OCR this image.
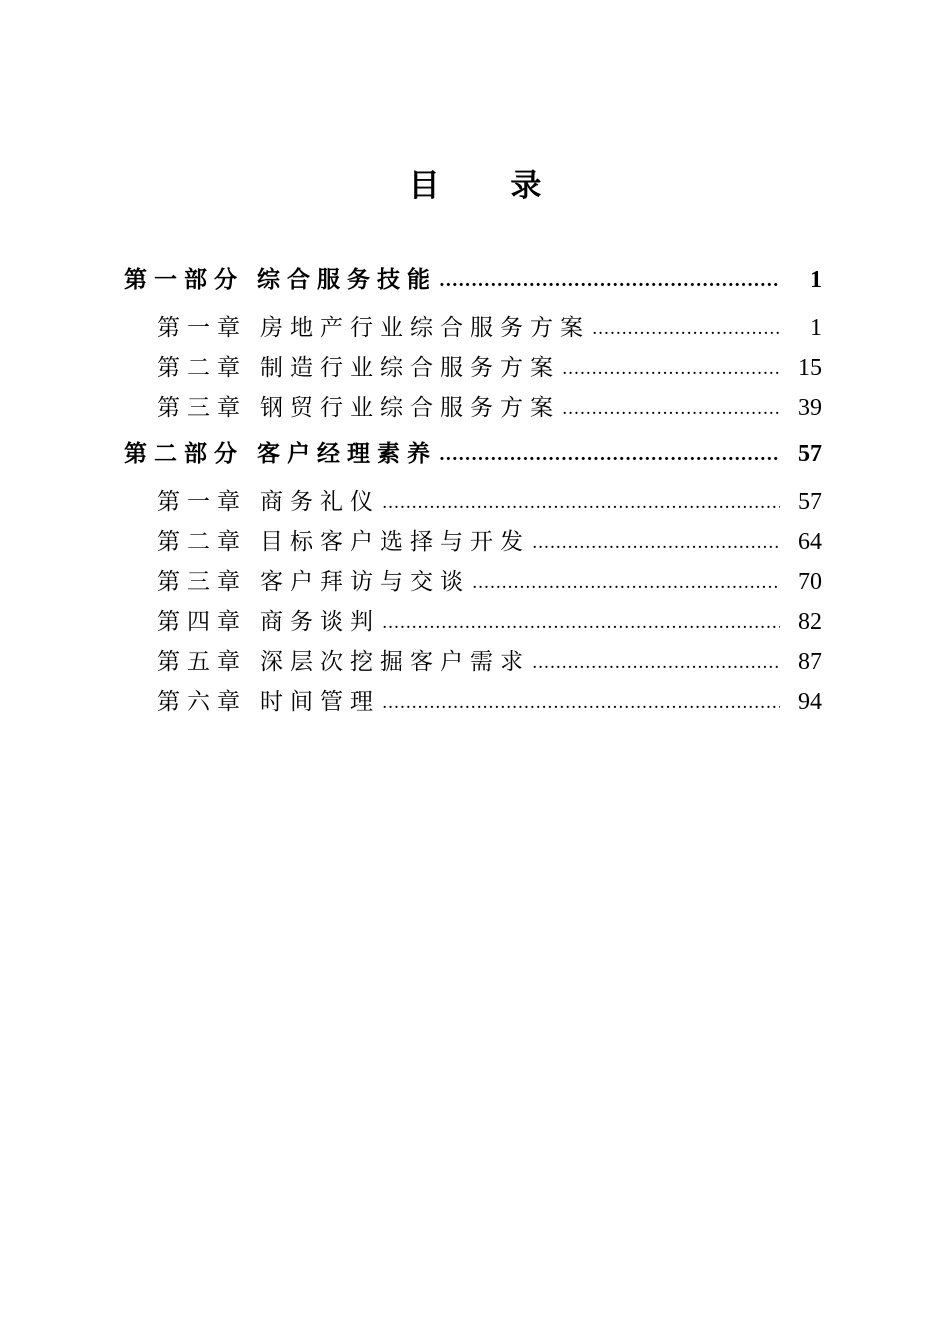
目 录
第一部分 综合服务技能 .....	1
第一章 房地产行业综合服务方案 .....	1
第二章 制造行业综合服务方案 .....	15
第三章 钢贸行业综合服务方案 .....	39
第二部分 客户经理素养 .....	57
第一章 商务礼仪 .....	57
第二章 目标客户选择与开发 .....	64
第三章 客户拜访与交谈 .....	70
第四章 商务谈判 .....	82
第五章 深层次挖掘客户需求 .....	87
第六章 时间管理 .....	94
